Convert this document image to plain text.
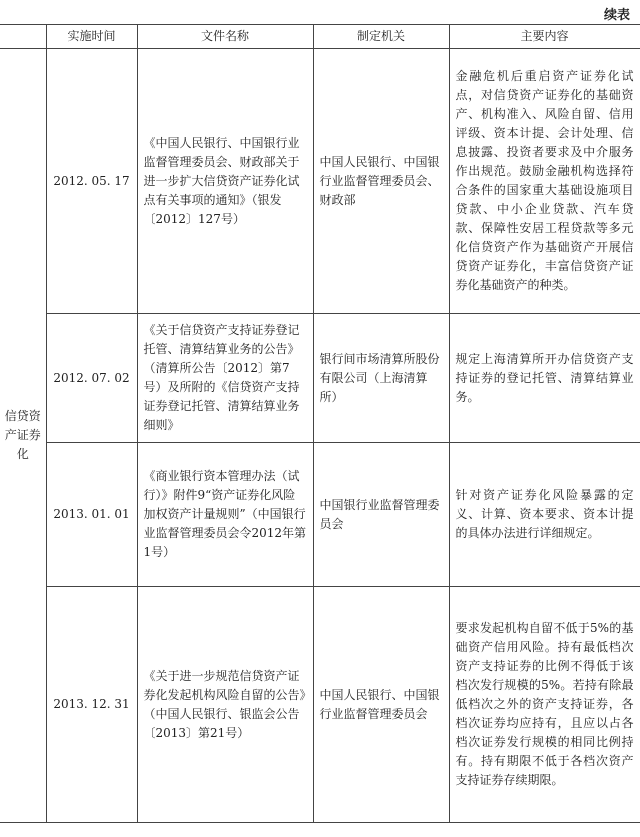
续表
	实施时间	文件名称	制定机关	主要内容
信贷资产证券化	2012. 05. 17	《中国人民银行、中国银行业监督管理委员会、财政部关于进一步扩大信贷资产证券化试点有关事项的通知》（银发〔2012〕127号）	中国人民银行、中国银行业监督管理委员会、财政部	金融危机后重启资产证券化试点，对信贷资产证券化的基础资产、机构准入、风险自留、信用评级、资本计提、会计处理、信息披露、投资者要求及中介服务作出规范。鼓励金融机构选择符合条件的国家重大基础设施项目贷款、中小企业贷款、汽车贷款、保障性安居工程贷款等多元化信贷资产作为基础资产开展信贷资产证券化，丰富信贷资产证券化基础资产的种类。
	2012. 07. 02	《关于信贷资产支持证券登记托管、清算结算业务的公告》（清算所公告〔2012〕第7号）及所附的《信贷资产支持证券登记托管、清算结算业务细则》	银行间市场清算所股份有限公司（上海清算所）	规定上海清算所开办信贷资产支持证券的登记托管、清算结算业务。
	2013. 01. 01	《商业银行资本管理办法（试行）》附件9“资产证券化风险加权资产计量规则”（中国银行业监督管理委员会令2012年第1号）	中国银行业监督管理委员会	针对资产证券化风险暴露的定义、计算、资本要求、资本计提的具体办法进行详细规定。
	2013. 12. 31	《关于进一步规范信贷资产证券化发起机构风险自留的公告》（中国人民银行、银监会公告〔2013〕第21号）	中国人民银行、中国银行业监督管理委员会	要求发起机构自留不低于5%的基础资产信用风险。持有最低档次资产支持证券的比例不得低于该档次发行规模的5%。若持有除最低档次之外的资产支持证券，各档次证券均应持有，且应以占各档次证券发行规模的相同比例持有。持有期限不低于各档次资产支持证券存续期限。
